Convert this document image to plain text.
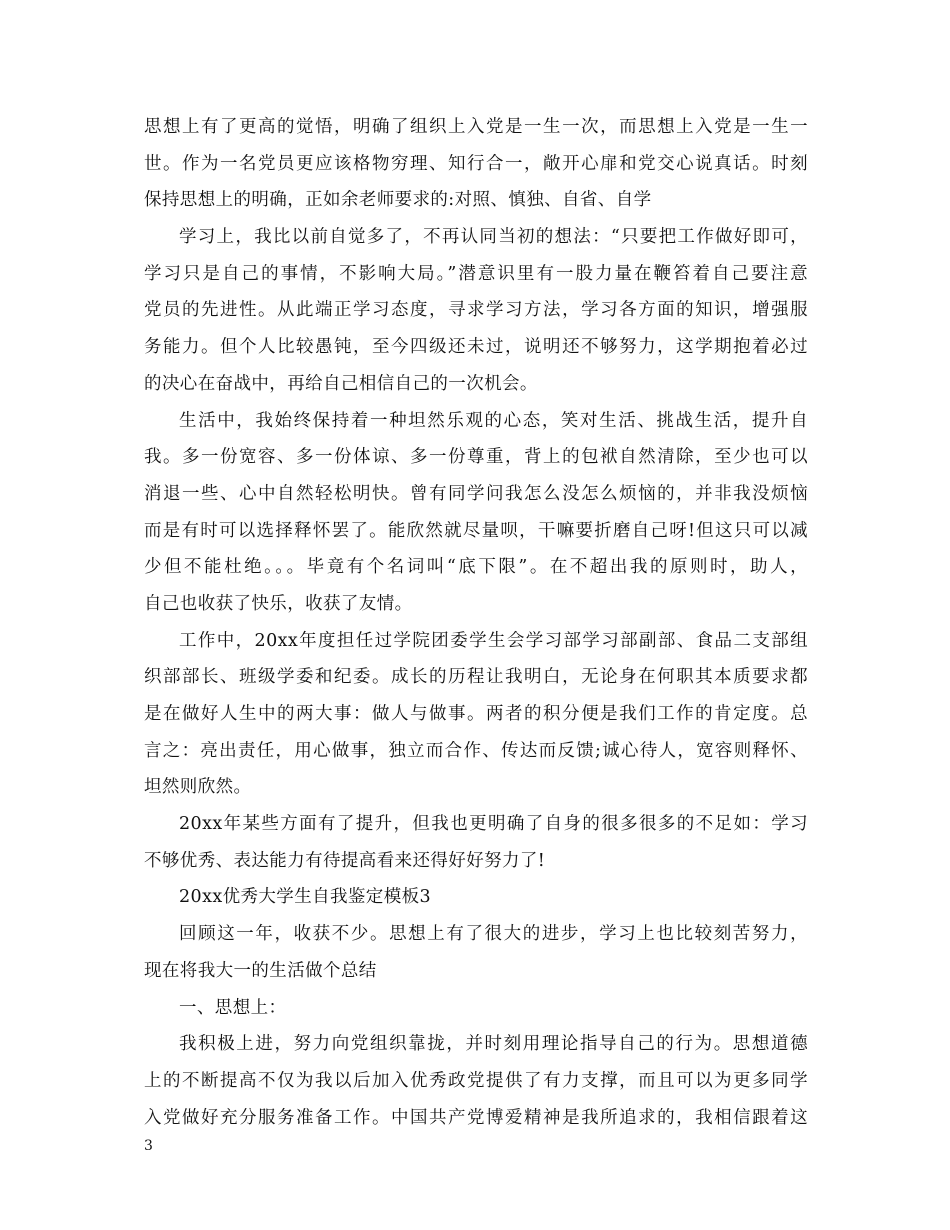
思想上有了更高的觉悟，明确了组织上入党是一生一次，而思想上入党是一生一
世。作为一名党员更应该格物穷理、知行合一，敞开心扉和党交心说真话。时刻
保持思想上的明确，正如余老师要求的:对照、慎独、自省、自学
学习上，我比以前自觉多了，不再认同当初的想法：“只要把工作做好即可，
学习只是自己的事情，不影响大局。”潜意识里有一股力量在鞭笞着自己要注意
党员的先进性。从此端正学习态度，寻求学习方法，学习各方面的知识，增强服
务能力。但个人比较愚钝，至今四级还未过，说明还不够努力，这学期抱着必过
的决心在奋战中，再给自己相信自己的一次机会。
生活中，我始终保持着一种坦然乐观的心态，笑对生活、挑战生活，提升自
我。多一份宽容、多一份体谅、多一份尊重，背上的包袱自然清除，至少也可以
消退一些、心中自然轻松明快。曾有同学问我怎么没怎么烦恼的，并非我没烦恼
而是有时可以选择释怀罢了。能欣然就尽量呗，干嘛要折磨自己呀!但这只可以减
少但不能杜绝。。。毕竟有个名词叫“底下限”。在不超出我的原则时，助人，
自己也收获了快乐，收获了友情。
工作中，20xx年度担任过学院团委学生会学习部学习部副部、食品二支部组
织部部长、班级学委和纪委。成长的历程让我明白，无论身在何职其本质要求都
是在做好人生中的两大事：做人与做事。两者的积分便是我们工作的肯定度。总
言之：亮出责任，用心做事，独立而合作、传达而反馈;诚心待人，宽容则释怀、
坦然则欣然。
20xx年某些方面有了提升，但我也更明确了自身的很多很多的不足如：学习
不够优秀、表达能力有待提高看来还得好好努力了!
20xx优秀大学生自我鉴定模板3
回顾这一年，收获不少。思想上有了很大的进步，学习上也比较刻苦努力，
现在将我大一的生活做个总结
一、思想上：
我积极上进，努力向党组织靠拢，并时刻用理论指导自己的行为。思想道德
上的不断提高不仅为我以后加入优秀政党提供了有力支撑，而且可以为更多同学
入党做好充分服务准备工作。中国共产党博爱精神是我所追求的，我相信跟着这
3
